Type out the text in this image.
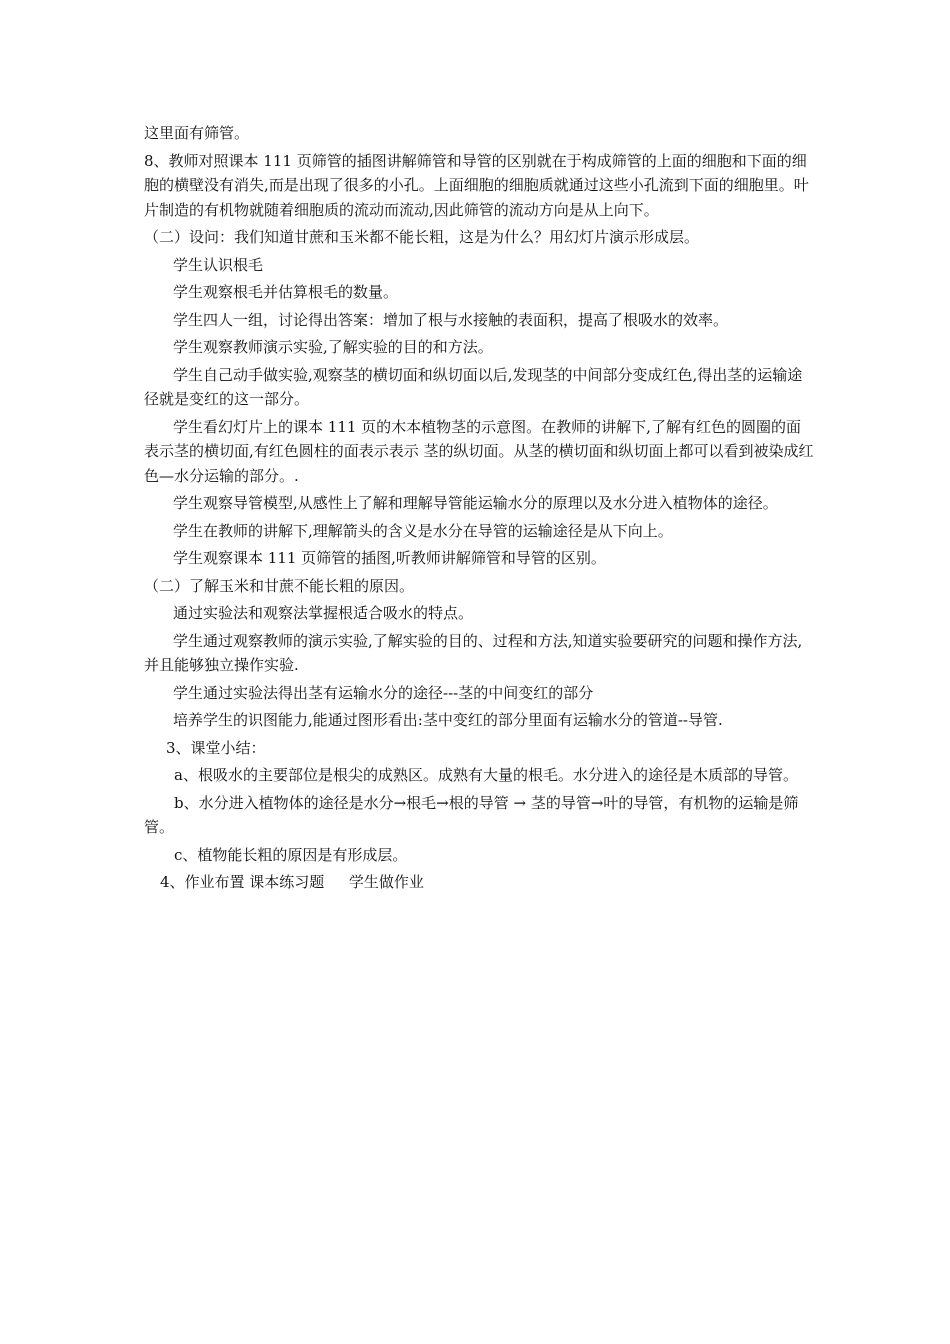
这里面有筛管。

8、教师对照课本 111 页筛管的插图讲解筛管和导管的区别就在于构成筛管的上面的细胞和下面的细胞的横壁没有消失,而是出现了很多的小孔。上面细胞的细胞质就通过这些小孔流到下面的细胞里。叶片制造的有机物就随着细胞质的流动而流动,因此筛管的流动方向是从上向下。

（二）设问：我们知道甘蔗和玉米都不能长粗，这是为什么？用幻灯片演示形成层。

学生认识根毛

学生观察根毛并估算根毛的数量。

学生四人一组，讨论得出答案：增加了根与水接触的表面积，提高了根吸水的效率。

学生观察教师演示实验,了解实验的目的和方法。

学生自己动手做实验,观察茎的横切面和纵切面以后,发现茎的中间部分变成红色,得出茎的运输途径就是变红的这一部分。

学生看幻灯片上的课本 111 页的木本植物茎的示意图。在教师的讲解下,了解有红色的圆圈的面表示茎的横切面,有红色圆柱的面表示表示 茎的纵切面。从茎的横切面和纵切面上都可以看到被染成红色—水分运输的部分。.

学生观察导管模型,从感性上了解和理解导管能运输水分的原理以及水分进入植物体的途径。

学生在教师的讲解下,理解箭头的含义是水分在导管的运输途径是从下向上。

学生观察课本 111 页筛管的插图,听教师讲解筛管和导管的区别。

（二）了解玉米和甘蔗不能长粗的原因。

通过实验法和观察法掌握根适合吸水的特点。

学生通过观察教师的演示实验,了解实验的目的、过程和方法,知道实验要研究的问题和操作方法,并且能够独立操作实验.

学生通过实验法得出茎有运输水分的途径---茎的中间变红的部分

培养学生的识图能力,能通过图形看出:茎中变红的部分里面有运输水分的管道--导管.

3、课堂小结：

a、根吸水的主要部位是根尖的成熟区。成熟有大量的根毛。水分进入的途径是木质部的导管。

b、水分进入植物体的途径是水分→根毛→根的导管 → 茎的导管→叶的导管，有机物的运输是筛管。

c、植物能长粗的原因是有形成层。

4、作业布置 课本练习题 　 学生做作业
